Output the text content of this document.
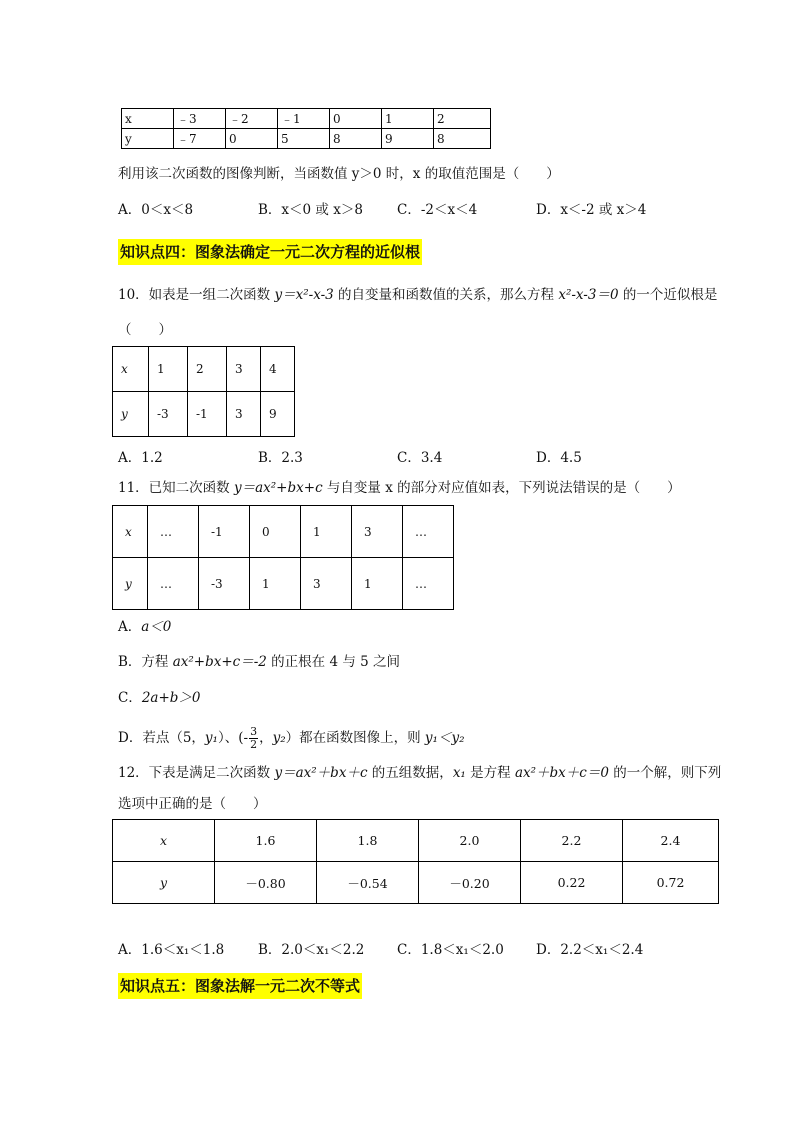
x	﹣3	﹣2	﹣1	0	1	2
y	﹣7	0	5	8	9	8
利用该二次函数的图像判断，当函数值 y＞0 时，x 的取值范围是（　　）
A．0＜x＜8	B．x＜0 或 x＞8	C．-2＜x＜4	D．x＜-2 或 x＞4
知识点四：图象法确定一元二次方程的近似根
10．如表是一组二次函数 y＝x²-x-3 的自变量和函数值的关系，那么方程 x²-x-3＝0 的一个近似根是
（　　）
x	1	2	3	4
y	-3	-1	3	9
A．1.2	B．2.3	C．3.4	D．4.5
11．已知二次函数 y＝ax²+bx+c 与自变量 x 的部分对应值如表，下列说法错误的是（　　）
x	…	-1	0	1	3	…
y	…	-3	1	3	1	…
A．a＜0
B．方程 ax²+bx+c＝-2 的正根在 4 与 5 之间
C．2a+b＞0
D．若点（5，y₁）、(- $\frac{3}{2}$ ，y₂）都在函数图像上，则 y₁＜y₂
12．下表是满足二次函数 y＝ax²＋bx＋c 的五组数据，x₁ 是方程 ax²＋bx＋c＝0 的一个解，则下列
选项中正确的是（　　）
x	1.6	1.8	2.0	2.2	2.4
y	－0.80	－0.54	－0.20	0.22	0.72
A．1.6＜x₁＜1.8	B．2.0＜x₁＜2.2 C．1.8＜x₁＜2.0 D．2.2＜x₁＜2.4
知识点五：图象法解一元二次不等式
